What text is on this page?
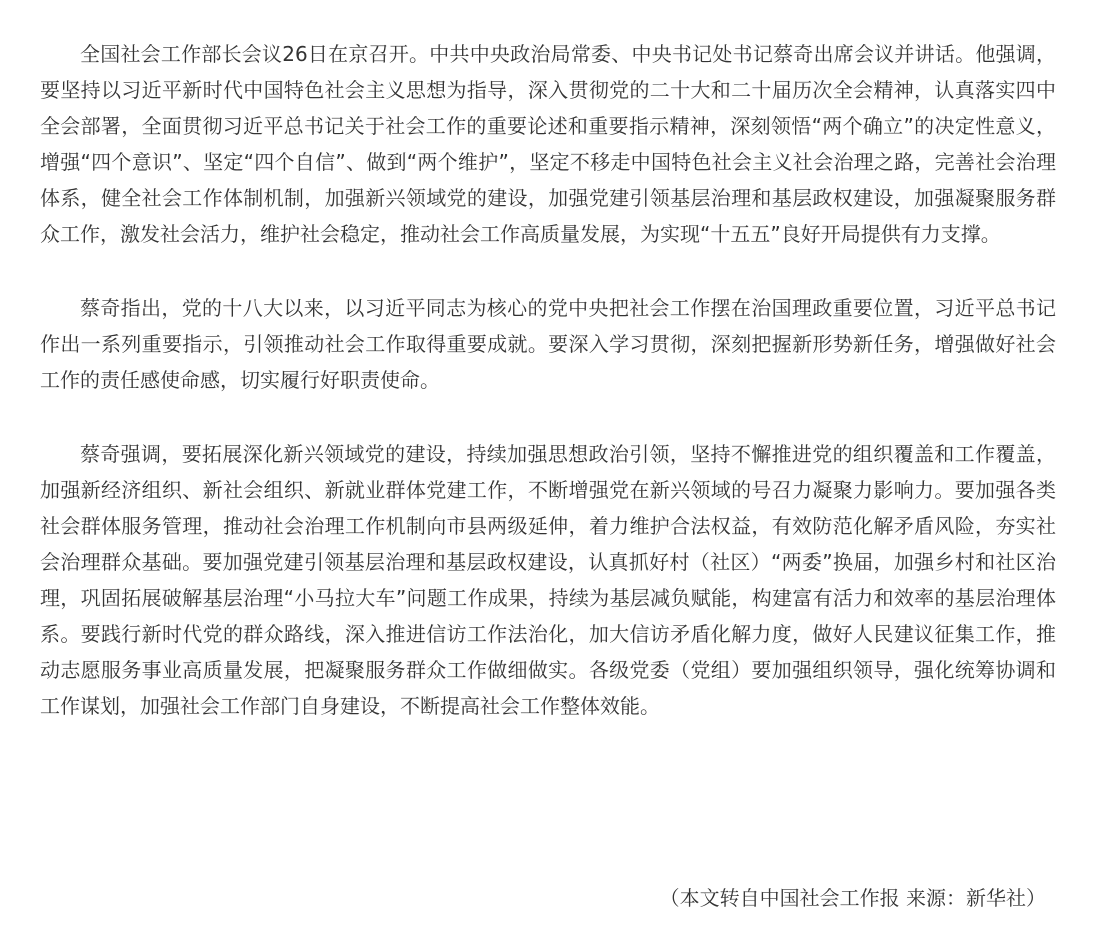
全国社会工作部长会议26日在京召开。中共中央政治局常委、中央书记处书记蔡奇出席会议并讲话。他强调，要坚持以习近平新时代中国特色社会主义思想为指导，深入贯彻党的二十大和二十届历次全会精神，认真落实四中全会部署，全面贯彻习近平总书记关于社会工作的重要论述和重要指示精神，深刻领悟“两个确立”的决定性意义，增强“四个意识”、坚定“四个自信”、做到“两个维护”，坚定不移走中国特色社会主义社会治理之路，完善社会治理体系，健全社会工作体制机制，加强新兴领域党的建设，加强党建引领基层治理和基层政权建设，加强凝聚服务群众工作，激发社会活力，维护社会稳定，推动社会工作高质量发展，为实现“十五五”良好开局提供有力支撑。

蔡奇指出，党的十八大以来，以习近平同志为核心的党中央把社会工作摆在治国理政重要位置，习近平总书记作出一系列重要指示，引领推动社会工作取得重要成就。要深入学习贯彻，深刻把握新形势新任务，增强做好社会工作的责任感使命感，切实履行好职责使命。

蔡奇强调，要拓展深化新兴领域党的建设，持续加强思想政治引领，坚持不懈推进党的组织覆盖和工作覆盖，加强新经济组织、新社会组织、新就业群体党建工作，不断增强党在新兴领域的号召力凝聚力影响力。要加强各类社会群体服务管理，推动社会治理工作机制向市县两级延伸，着力维护合法权益，有效防范化解矛盾风险，夯实社会治理群众基础。要加强党建引领基层治理和基层政权建设，认真抓好村（社区）“两委”换届，加强乡村和社区治理，巩固拓展破解基层治理“小马拉大车”问题工作成果，持续为基层减负赋能，构建富有活力和效率的基层治理体系。要践行新时代党的群众路线，深入推进信访工作法治化，加大信访矛盾化解力度，做好人民建议征集工作，推动志愿服务事业高质量发展，把凝聚服务群众工作做细做实。各级党委（党组）要加强组织领导，强化统筹协调和工作谋划，加强社会工作部门自身建设，不断提高社会工作整体效能。

（本文转自中国社会工作报 来源：新华社）
